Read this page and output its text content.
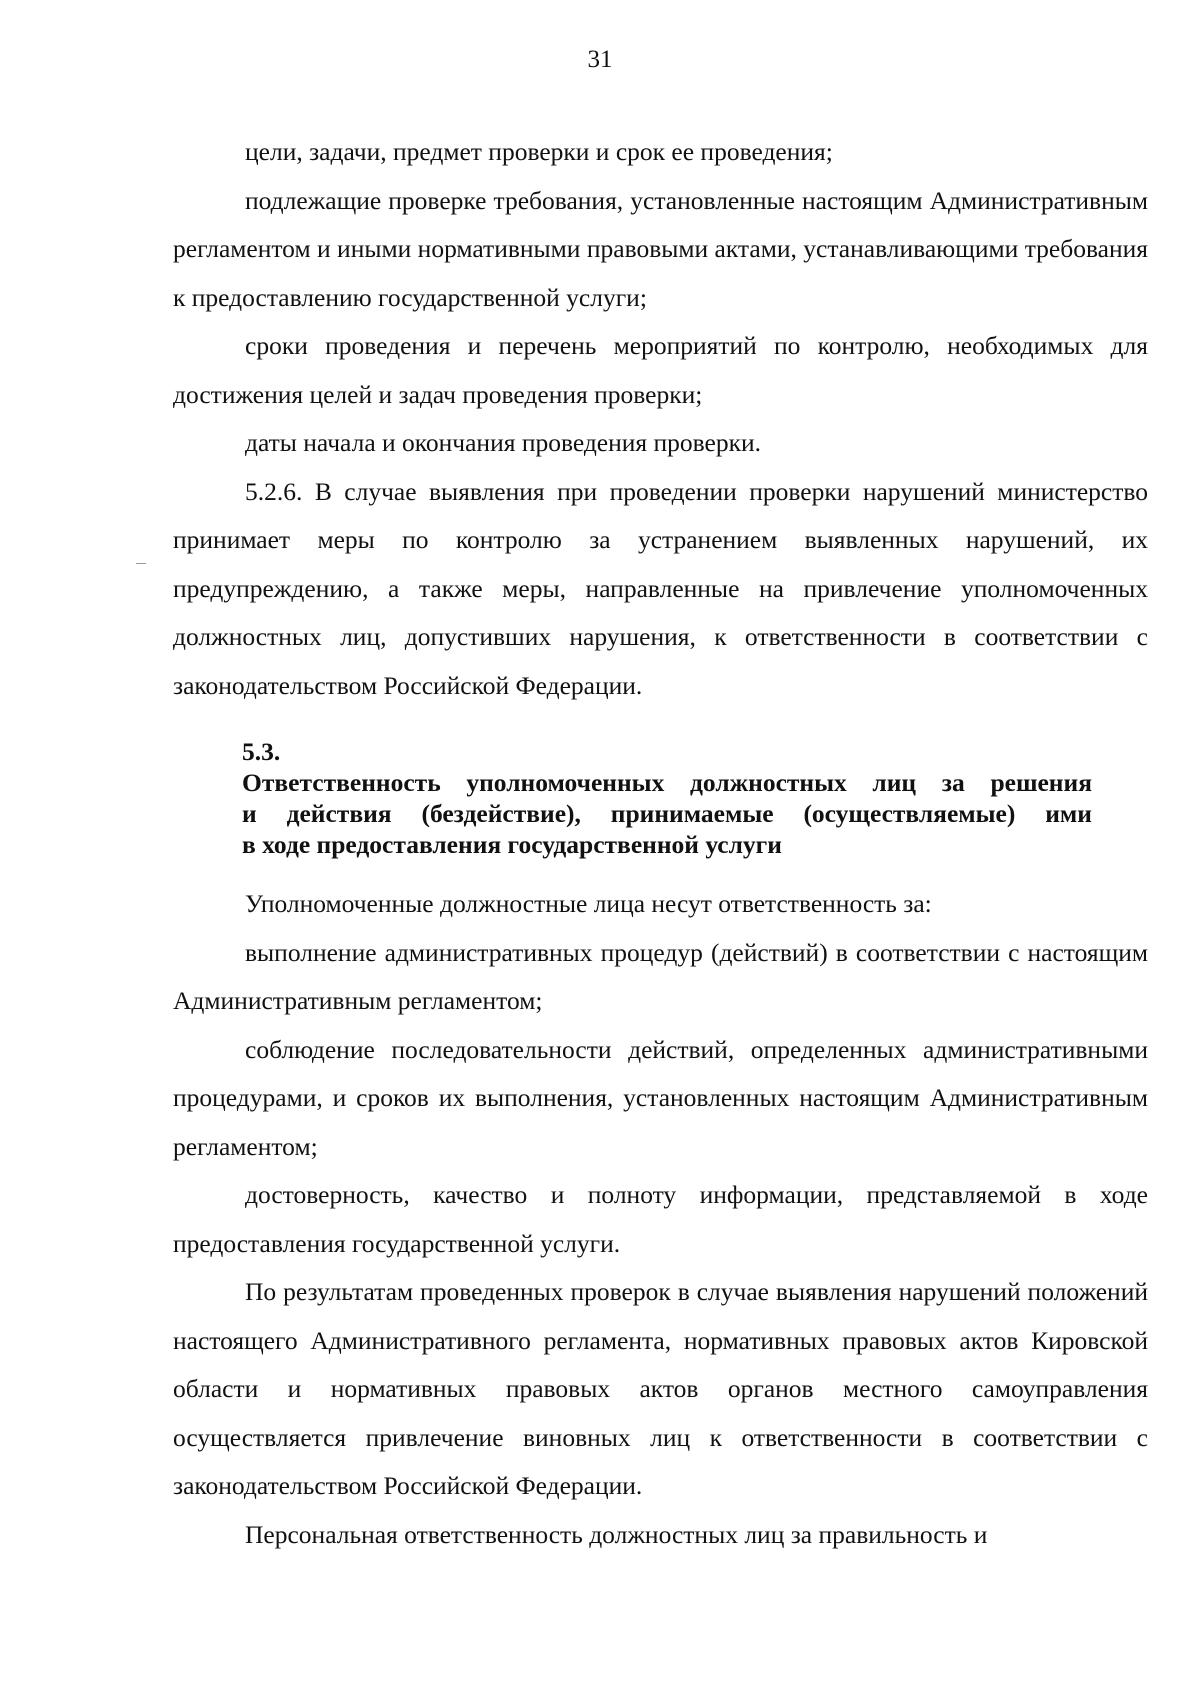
31

цели, задачи, предмет проверки и срок ее проведения;

подлежащие проверке требования, установленные настоящим Административным регламентом и иными нормативными правовыми актами, устанавливающими требования к предоставлению государственной услуги;

сроки проведения и перечень мероприятий по контролю, необходимых для достижения целей и задач проведения проверки;

даты начала и окончания проведения проверки.

5.2.6. В случае выявления при проведении проверки нарушений министерство принимает меры по контролю за устранением выявленных нарушений, их предупреждению, а также меры, направленные на привлечение уполномоченных должностных лиц, допустивших нарушения, к ответственности в соответствии с законодательством Российской Федерации.

5.3.
Ответственность уполномоченных должностных лиц за решения
и действия (бездействие), принимаемые (осуществляемые) ими
в ходе предоставления государственной услуги

Уполномоченные должностные лица несут ответственность за:

выполнение административных процедур (действий) в соответствии с настоящим Административным регламентом;

соблюдение последовательности действий, определенных административными процедурами, и сроков их выполнения, установленных настоящим Административным регламентом;

достоверность, качество и полноту информации, представляемой в ходе предоставления государственной услуги.

По результатам проведенных проверок в случае выявления нарушений положений настоящего Административного регламента, нормативных правовых актов Кировской области и нормативных правовых актов органов местного самоуправления осуществляется привлечение виновных лиц к ответственности в соответствии с законодательством Российской Федерации.

Персональная ответственность должностных лиц за правильность и
